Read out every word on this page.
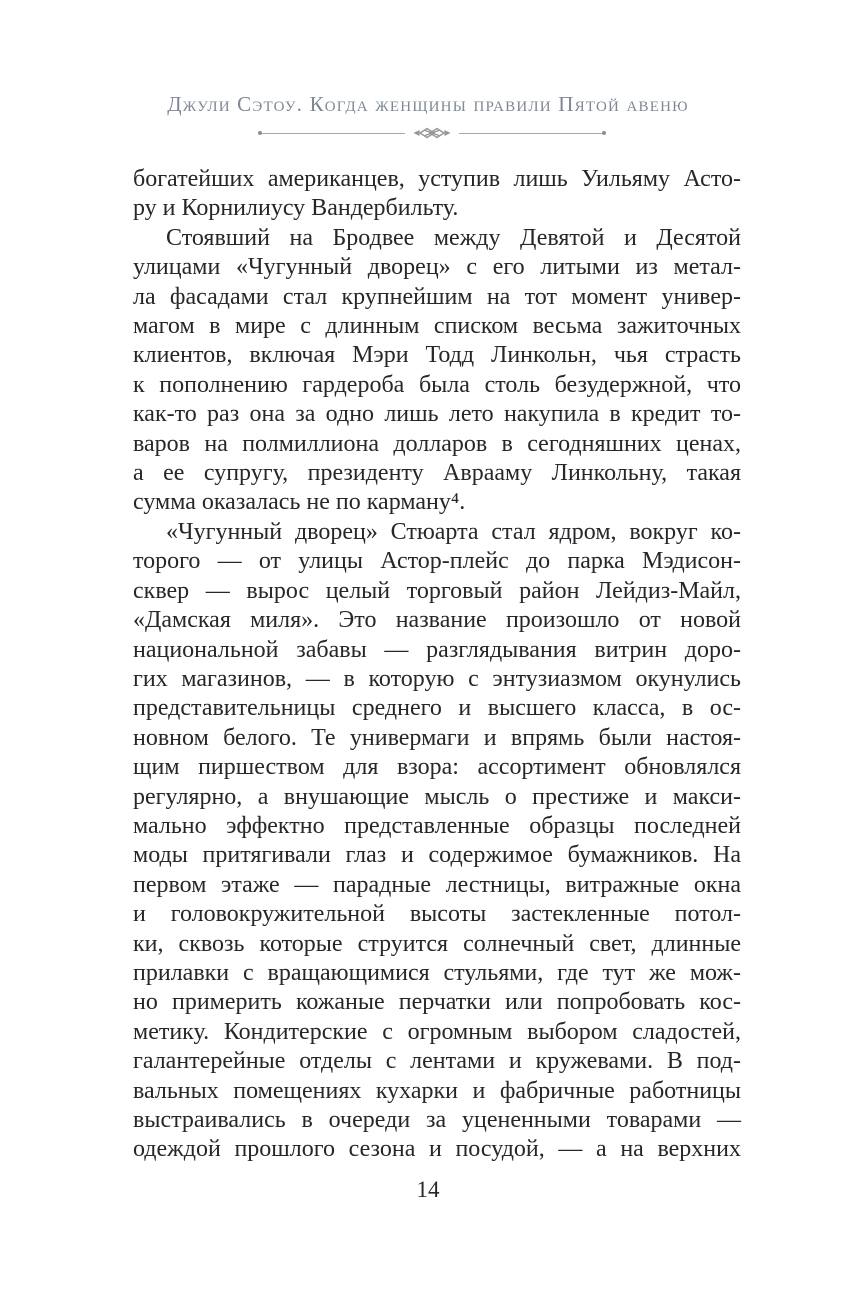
Джули Сэтоу. Когда женщины правили Пятой авеню
богатейших американцев, уступив лишь Уильяму Асто-
ру и Корнилиусу Вандербильту.
Стоявший на Бродвее между Девятой и Десятой
улицами «Чугунный дворец» с его литыми из метал-
ла фасадами стал крупнейшим на тот момент универ-
магом в мире с длинным списком весьма зажиточных
клиентов, включая Мэри Тодд Линкольн, чья страсть
к пополнению гардероба была столь безудержной, что
как-то раз она за одно лишь лето накупила в кредит то-
варов на полмиллиона долларов в сегодняшних ценах,
а ее супругу, президенту Аврааму Линкольну, такая
сумма оказалась не по карману⁴.
«Чугунный дворец» Стюарта стал ядром, вокруг ко-
торого — от улицы Астор-плейс до парка Мэдисон-
сквер — вырос целый торговый район Лейдиз-Майл,
«Дамская миля». Это название произошло от новой
национальной забавы — разглядывания витрин доро-
гих магазинов, — в которую с энтузиазмом окунулись
представительницы среднего и высшего класса, в ос-
новном белого. Те универмаги и впрямь были настоя-
щим пиршеством для взора: ассортимент обновлялся
регулярно, а внушающие мысль о престиже и макси-
мально эффектно представленные образцы последней
моды притягивали глаз и содержимое бумажников. На
первом этаже — парадные лестницы, витражные окна
и головокружительной высоты застекленные потол-
ки, сквозь которые струится солнечный свет, длинные
прилавки с вращающимися стульями, где тут же мож-
но примерить кожаные перчатки или попробовать кос-
метику. Кондитерские с огромным выбором сладостей,
галантерейные отделы с лентами и кружевами. В под-
вальных помещениях кухарки и фабричные работницы
выстраивались в очереди за уцененными товарами —
одеждой прошлого сезона и посудой, — а на верхних
14
